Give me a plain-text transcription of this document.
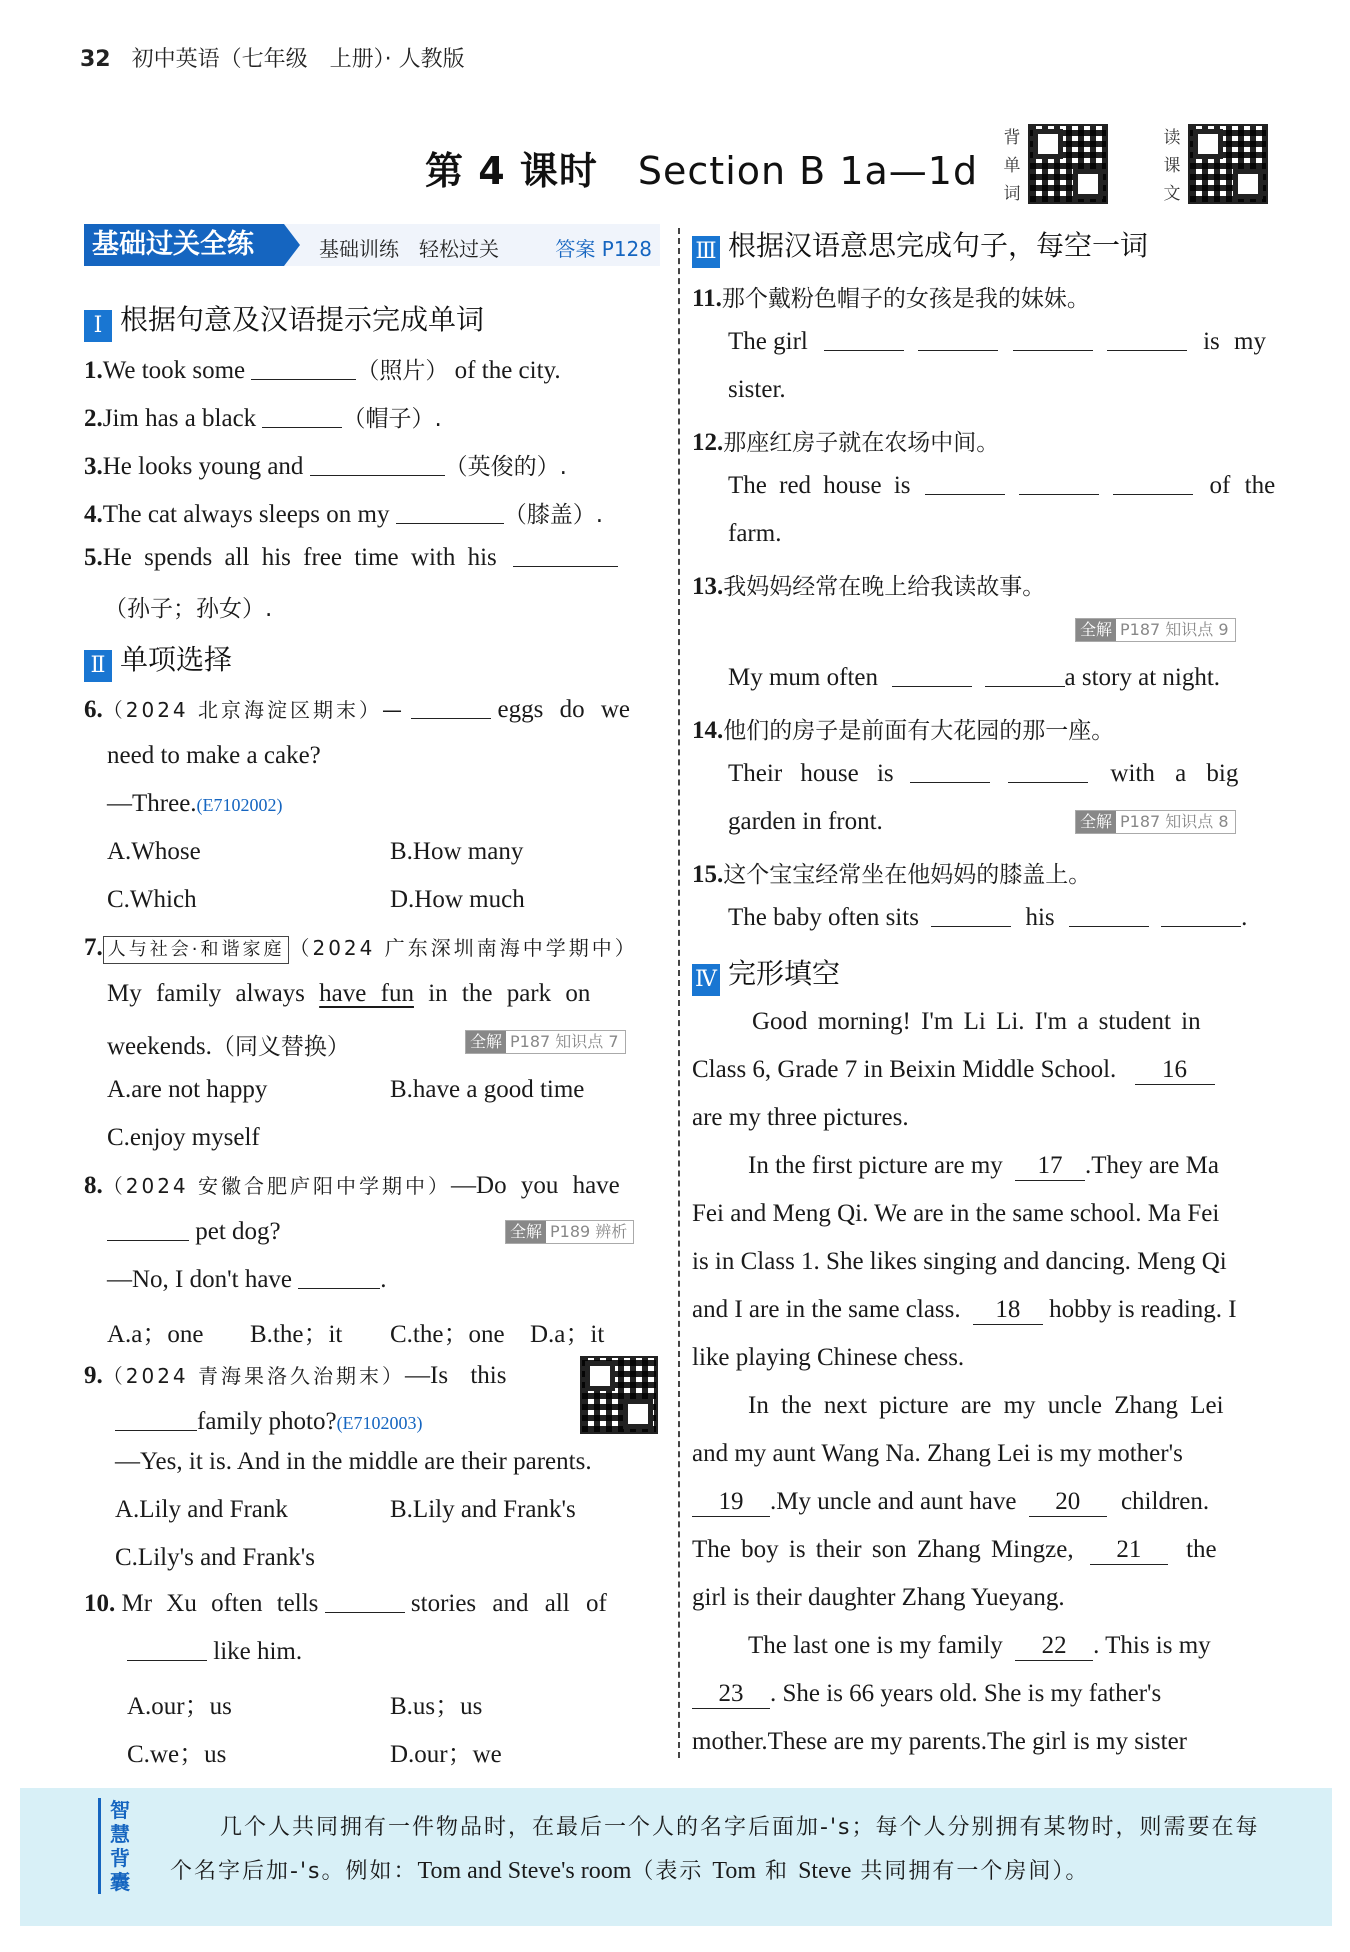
32 初中英语（七年级　上册）· 人教版
第 4 课时 Section B 1a—1d
背
单
词
读
课
文
基础过关全练	基础训练　轻松过关	答案 P128
Ⅰ 根据句意及汉语提示完成单词
1.We took some	（照片） of the city.
2.Jim has a black	（帽子）.
3.He looks young and	（英俊的）.
4.The cat always sleeps on my	（膝盖）.
5.He spends all his free time with his
（孙子；孙女）.
Ⅱ 单项选择
6.（2024 北京海淀区期末）—	eggs do we
need to make a cake?
—Three.(E7102002)
A.Whose	B.How many
C.Which	D.How much
7. 人与社会·和谐家庭 （2024 广东深圳南海中学期中）
My family always have fun in the park on
weekends.（同义替换）	全解 P187 知识点 7
A.are not happy	B.have a good time
C.enjoy myself
8.（2024 安徽合肥庐阳中学期中）—Do you have
pet dog?	全解 P189 辨析
—No, I don't have	.
A.a；one B.the；it C.the；one D.a；it
9.（2024 青海果洛久治期末）—Is this
family photo?(E7102003)
—Yes, it is. And in the middle are their parents.
A.Lily and Frank	B.Lily and Frank's
C.Lily's and Frank's
10. Mr Xu often tells	stories and all of
like him.
A.our；us	B.us；us
C.we；us	D.our；we
Ⅲ 根据汉语意思完成句子，每空一词
11.那个戴粉色帽子的女孩是我的妹妹。
The girl	is my
sister.
12.那座红房子就在农场中间。
The red house is	of the
farm.
13.我妈妈经常在晚上给我读故事。
全解 P187 知识点 9
My mum often	a story at night.
14.他们的房子是前面有大花园的那一座。
Their house is	with a big
garden in front.	全解 P187 知识点 8
15.这个宝宝经常坐在他妈妈的膝盖上。
The baby often sits	his	.
Ⅳ 完形填空
Good morning! I'm Li Li. I'm a student in
Class 6, Grade 7 in Beixin Middle School. 16
are my three pictures.
In the first picture are my 17 .They are Ma
Fei and Meng Qi. We are in the same school. Ma Fei
is in Class 1. She likes singing and dancing. Meng Qi
and I are in the same class. 18 hobby is reading. I
like playing Chinese chess.
In the next picture are my uncle Zhang Lei
and my aunt Wang Na. Zhang Lei is my mother's
19 .My uncle and aunt have 20 children.
The boy is their son Zhang Mingze, 21 the
girl is their daughter Zhang Yueyang.
The last one is my family 22 . This is my
23 . She is 66 years old. She is my father's
mother.These are my parents.The girl is my sister
智
慧
背
囊
几个人共同拥有一件物品时，在最后一个人的名字后面加-'s；每个人分别拥有某物时，则需要在每
个名字后加-'s。例如：Tom and Steve's room（表示 Tom 和 Steve 共同拥有一个房间）。
